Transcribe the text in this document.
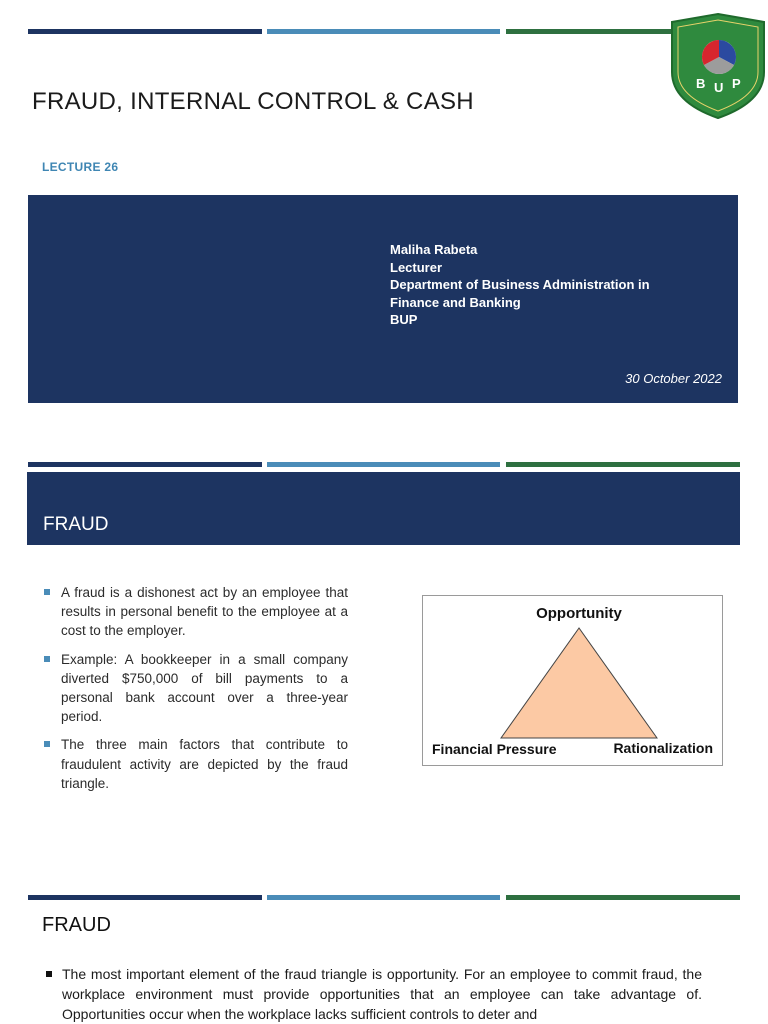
B U P
FRAUD, INTERNAL CONTROL & CASH
LECTURE 26
Maliha Rabeta
Lecturer
Department of Business Administration in
Finance and Banking
BUP
30 October 2022
FRAUD
A fraud is a dishonest act by an employee that results in personal benefit to the employee at a cost to the employer.
Example: A bookkeeper in a small company diverted $750,000 of bill payments to a personal bank account over a three-year period.
The three main factors that contribute to fraudulent activity are depicted by the fraud triangle.
Opportunity
Financial Pressure	Rationalization
FRAUD
The most important element of the fraud triangle is opportunity. For an employee to commit fraud, the workplace environment must provide opportunities that an employee can take advantage of. Opportunities occur when the workplace lacks sufficient controls to deter and
